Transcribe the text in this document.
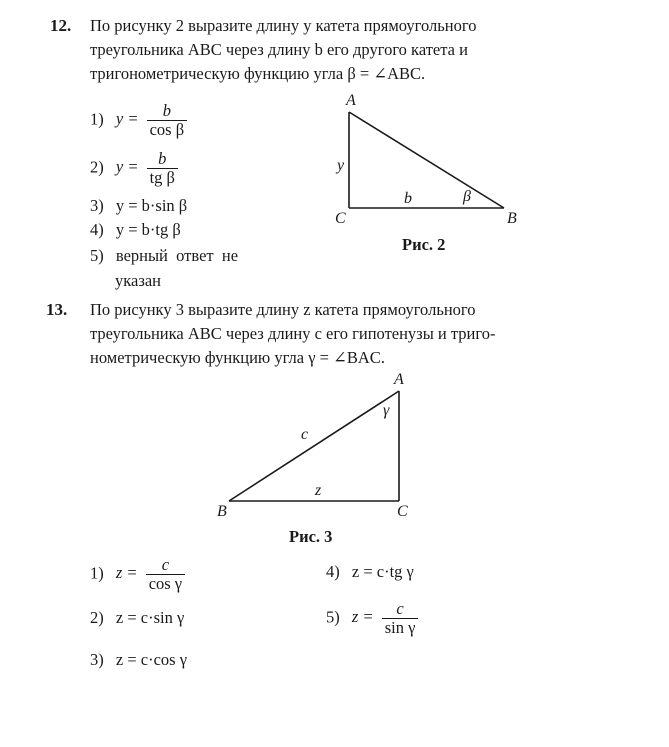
12. По рисунку 2 выразите длину y катета прямоугольного
треугольника ABC через длину b его другого катета и
тригонометрическую функцию угла β = ∠ABC.
1) $y = \frac{b}{\text{cos β}}$
2) $y = \frac{b}{\text{tg β}}$
3) y = b·sin β
4) y = b·tg β
5) верный  ответ  не
указан
A
B
C
y
b	β
Рис. 2
13. По рисунку 3 выразите длину z катета прямоугольного
треугольника ABC через длину c его гипотенузы и триго-
нометрическую функцию угла γ = ∠BAC.
A
B	C
c
z
γ
Рис. 3
1) $z = \frac{c}{\text{cos γ}}$
2) z = c·sin γ
3) z = c·cos γ
4) z = c·tg γ
5) $z = \frac{c}{\text{sin γ}}$
